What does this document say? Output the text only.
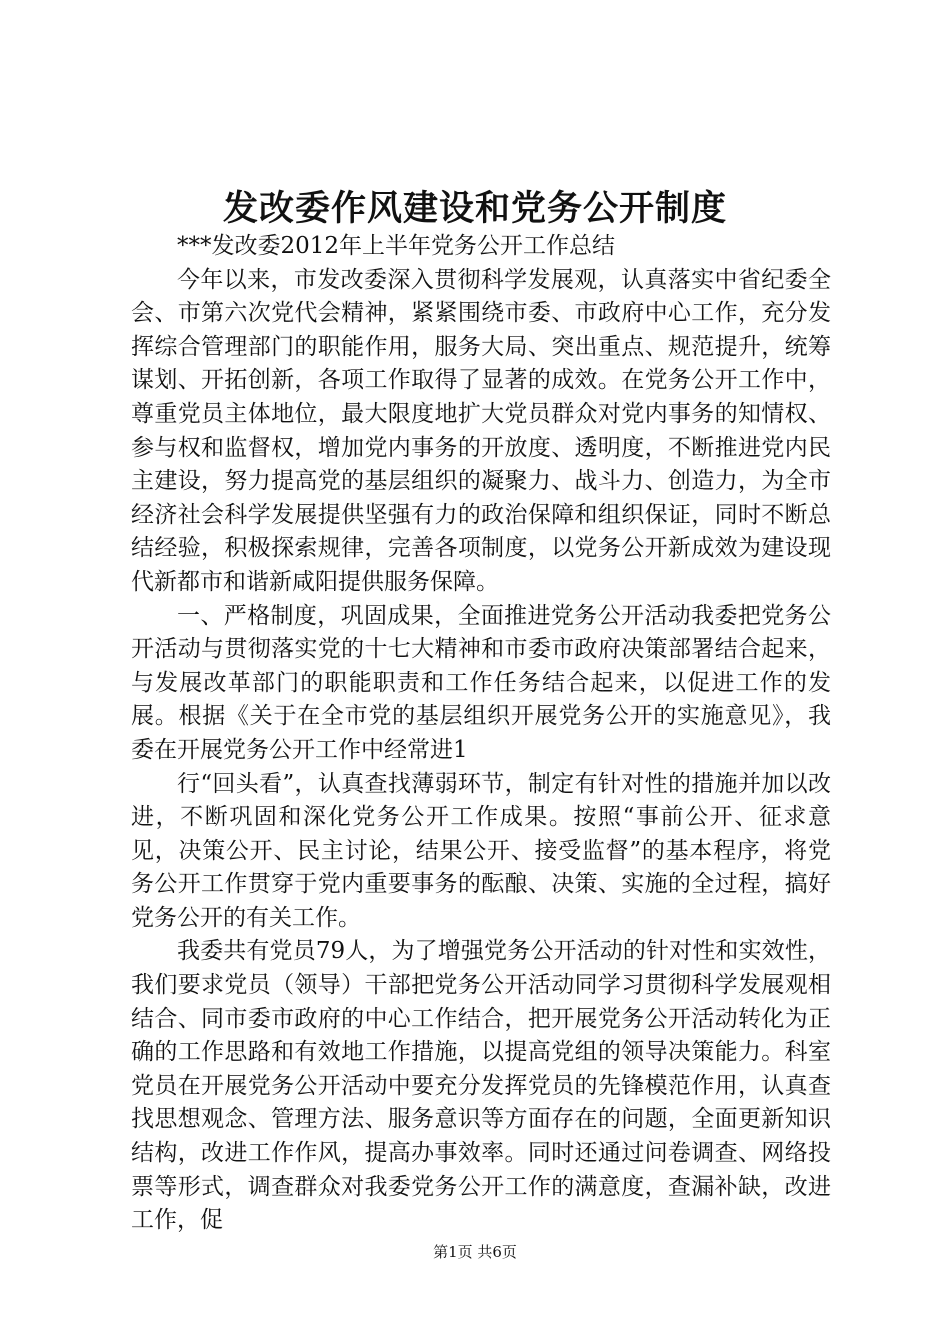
发改委作风建设和党务公开制度

***发改委2012年上半年党务公开工作总结

今年以来，市发改委深入贯彻科学发展观，认真落实中省纪委全会、市第六次党代会精神，紧紧围绕市委、市政府中心工作，充分发挥综合管理部门的职能作用，服务大局、突出重点、规范提升，统筹谋划、开拓创新，各项工作取得了显著的成效。在党务公开工作中，尊重党员主体地位，最大限度地扩大党员群众对党内事务的知情权、参与权和监督权，增加党内事务的开放度、透明度，不断推进党内民主建设，努力提高党的基层组织的凝聚力、战斗力、创造力，为全市经济社会科学发展提供坚强有力的政治保障和组织保证，同时不断总结经验，积极探索规律，完善各项制度，以党务公开新成效为建设现代新都市和谐新咸阳提供服务保障。

一、严格制度，巩固成果，全面推进党务公开活动我委把党务公开活动与贯彻落实党的十七大精神和市委市政府决策部署结合起来，与发展改革部门的职能职责和工作任务结合起来，以促进工作的发展。根据《关于在全市党的基层组织开展党务公开的实施意见》，我委在开展党务公开工作中经常进1

行“回头看”，认真查找薄弱环节，制定有针对性的措施并加以改进，不断巩固和深化党务公开工作成果。按照“事前公开、征求意见，决策公开、民主讨论，结果公开、接受监督”的基本程序，将党务公开工作贯穿于党内重要事务的酝酿、决策、实施的全过程，搞好党务公开的有关工作。

我委共有党员79人，为了增强党务公开活动的针对性和实效性，我们要求党员（领导）干部把党务公开活动同学习贯彻科学发展观相结合、同市委市政府的中心工作结合，把开展党务公开活动转化为正确的工作思路和有效地工作措施，以提高党组的领导决策能力。科室党员在开展党务公开活动中要充分发挥党员的先锋模范作用，认真查找思想观念、管理方法、服务意识等方面存在的问题，全面更新知识结构，改进工作作风，提高办事效率。同时还通过问卷调查、网络投票等形式，调查群众对我委党务公开工作的满意度，查漏补缺，改进工作，促

第1页 共6页
